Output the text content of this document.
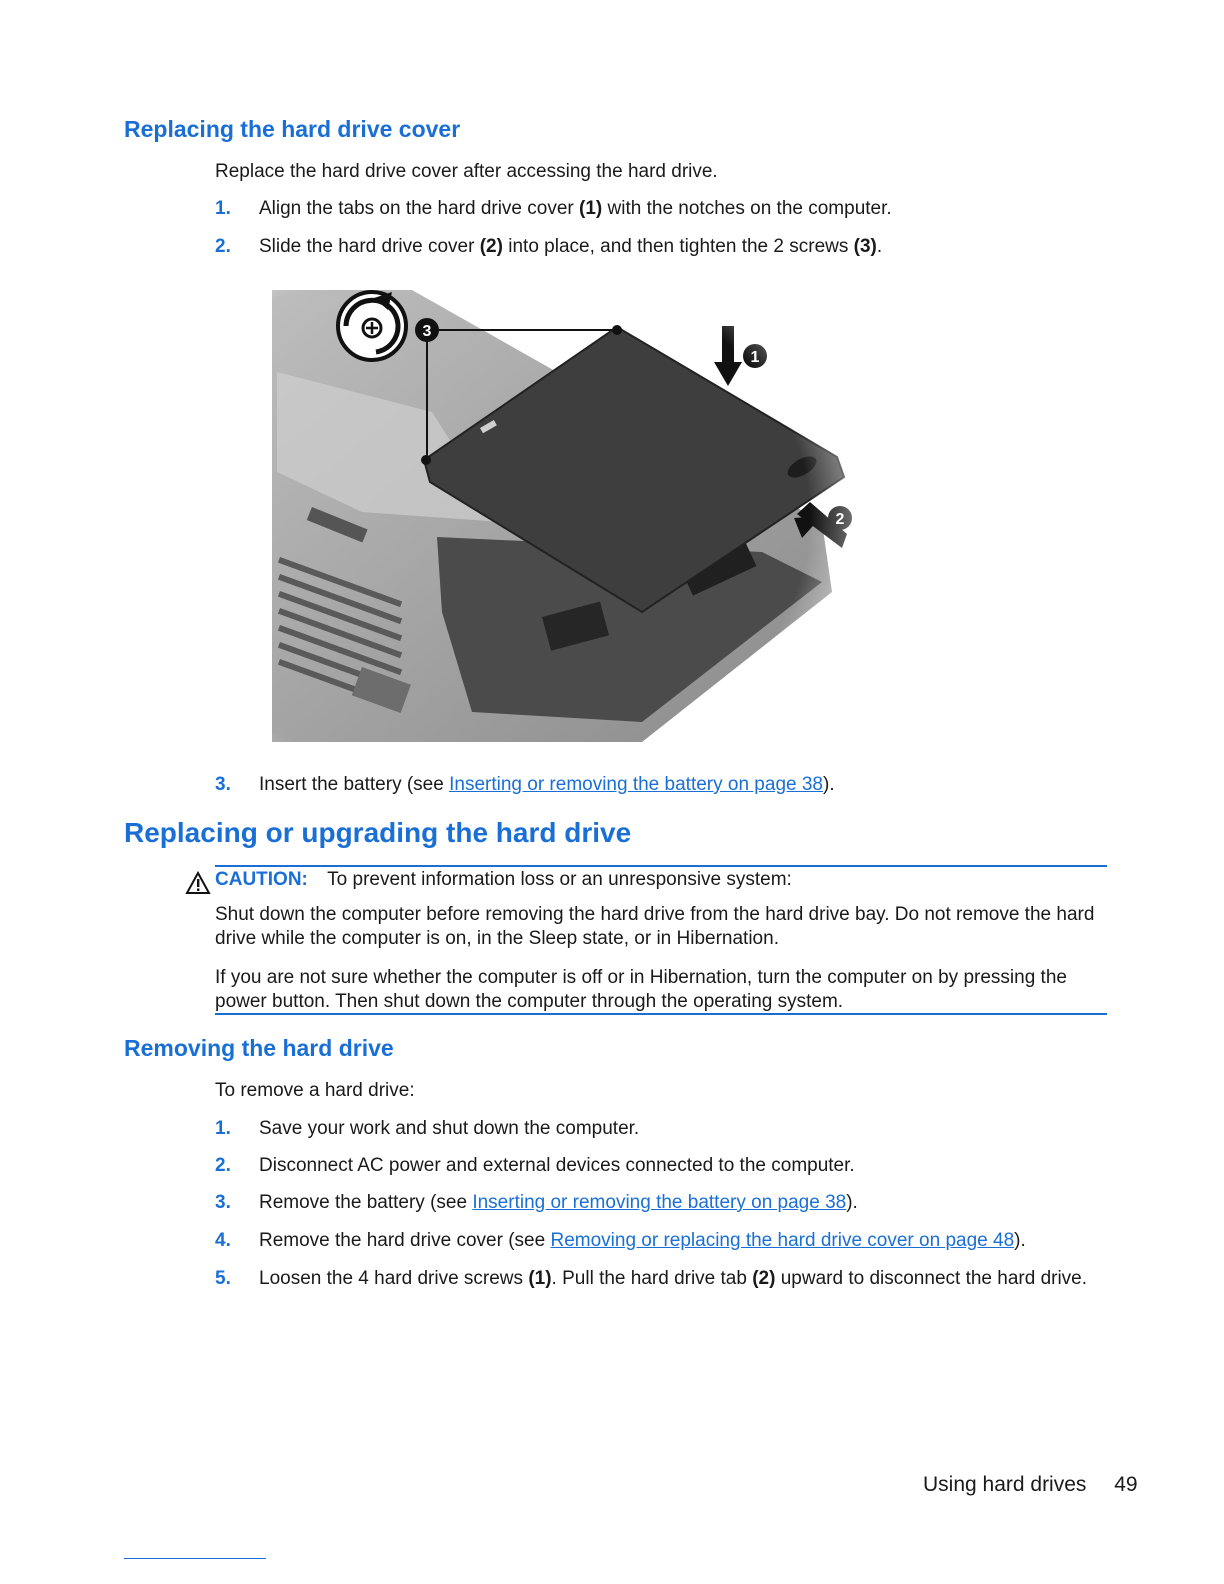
Replacing the hard drive cover

Replace the hard drive cover after accessing the hard drive.

1. Align the tabs on the hard drive cover (1) with the notches on the computer.
2. Slide the hard drive cover (2) into place, and then tighten the 2 screws (3).
3. Insert the battery (see Inserting or removing the battery on page 38).
Replacing or upgrading the hard drive
CAUTION: To prevent information loss or an unresponsive system:

Shut down the computer before removing the hard drive from the hard drive bay. Do not remove the hard drive while the computer is on, in the Sleep state, or in Hibernation.

If you are not sure whether the computer is off or in Hibernation, turn the computer on by pressing the power button. Then shut down the computer through the operating system.

Removing the hard drive

To remove a hard drive:

1. Save your work and shut down the computer.
2. Disconnect AC power and external devices connected to the computer.
3. Remove the battery (see Inserting or removing the battery on page 38).
4. Remove the hard drive cover (see Removing or replacing the hard drive cover on page 48).
5. Loosen the 4 hard drive screws (1). Pull the hard drive tab (2) upward to disconnect the hard drive.
Using hard drives 49
